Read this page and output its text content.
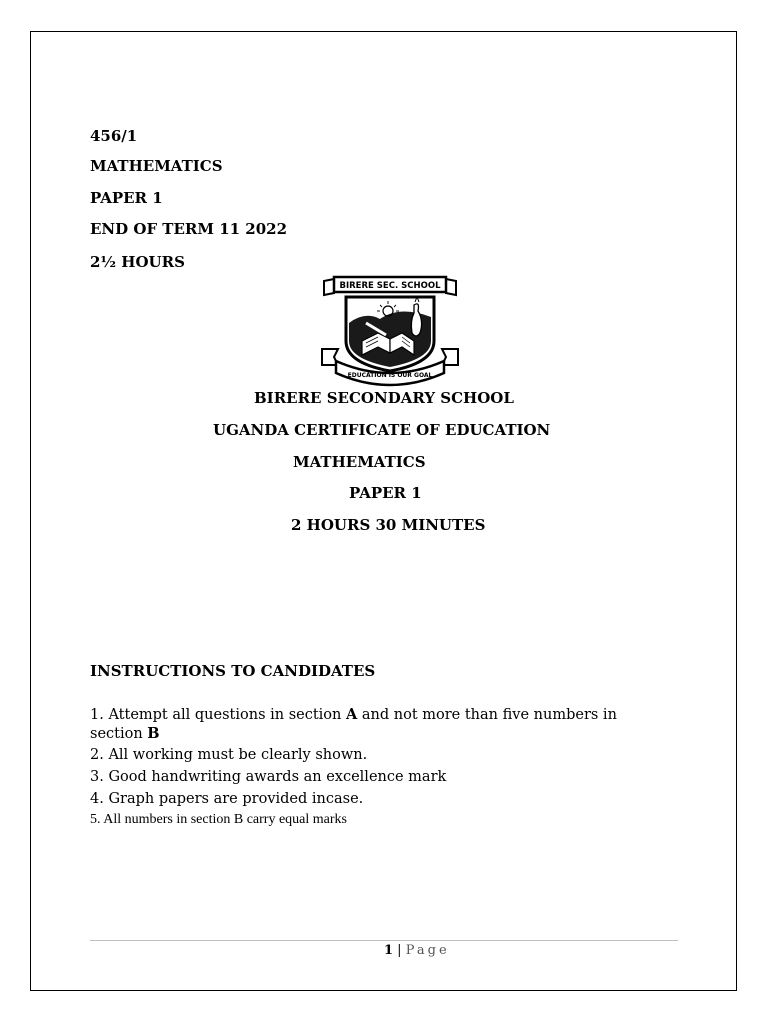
456/1
MATHEMATICS
PAPER 1
END OF TERM 11 2022
2½ HOURS
BIRERE SEC. SCHOOL
EDUCATION IS OUR GOAL
BIRERE SECONDARY SCHOOL
UGANDA CERTIFICATE OF EDUCATION
MATHEMATICS
PAPER 1
2 HOURS 30 MINUTES
INSTRUCTIONS TO CANDIDATES
1. Attempt all questions in section A and not more than five numbers in
section B
2. All working must be clearly shown.
3. Good handwriting awards an excellence mark
4. Graph papers are provided incase.
5. All numbers in section B carry equal marks
1 | Page
